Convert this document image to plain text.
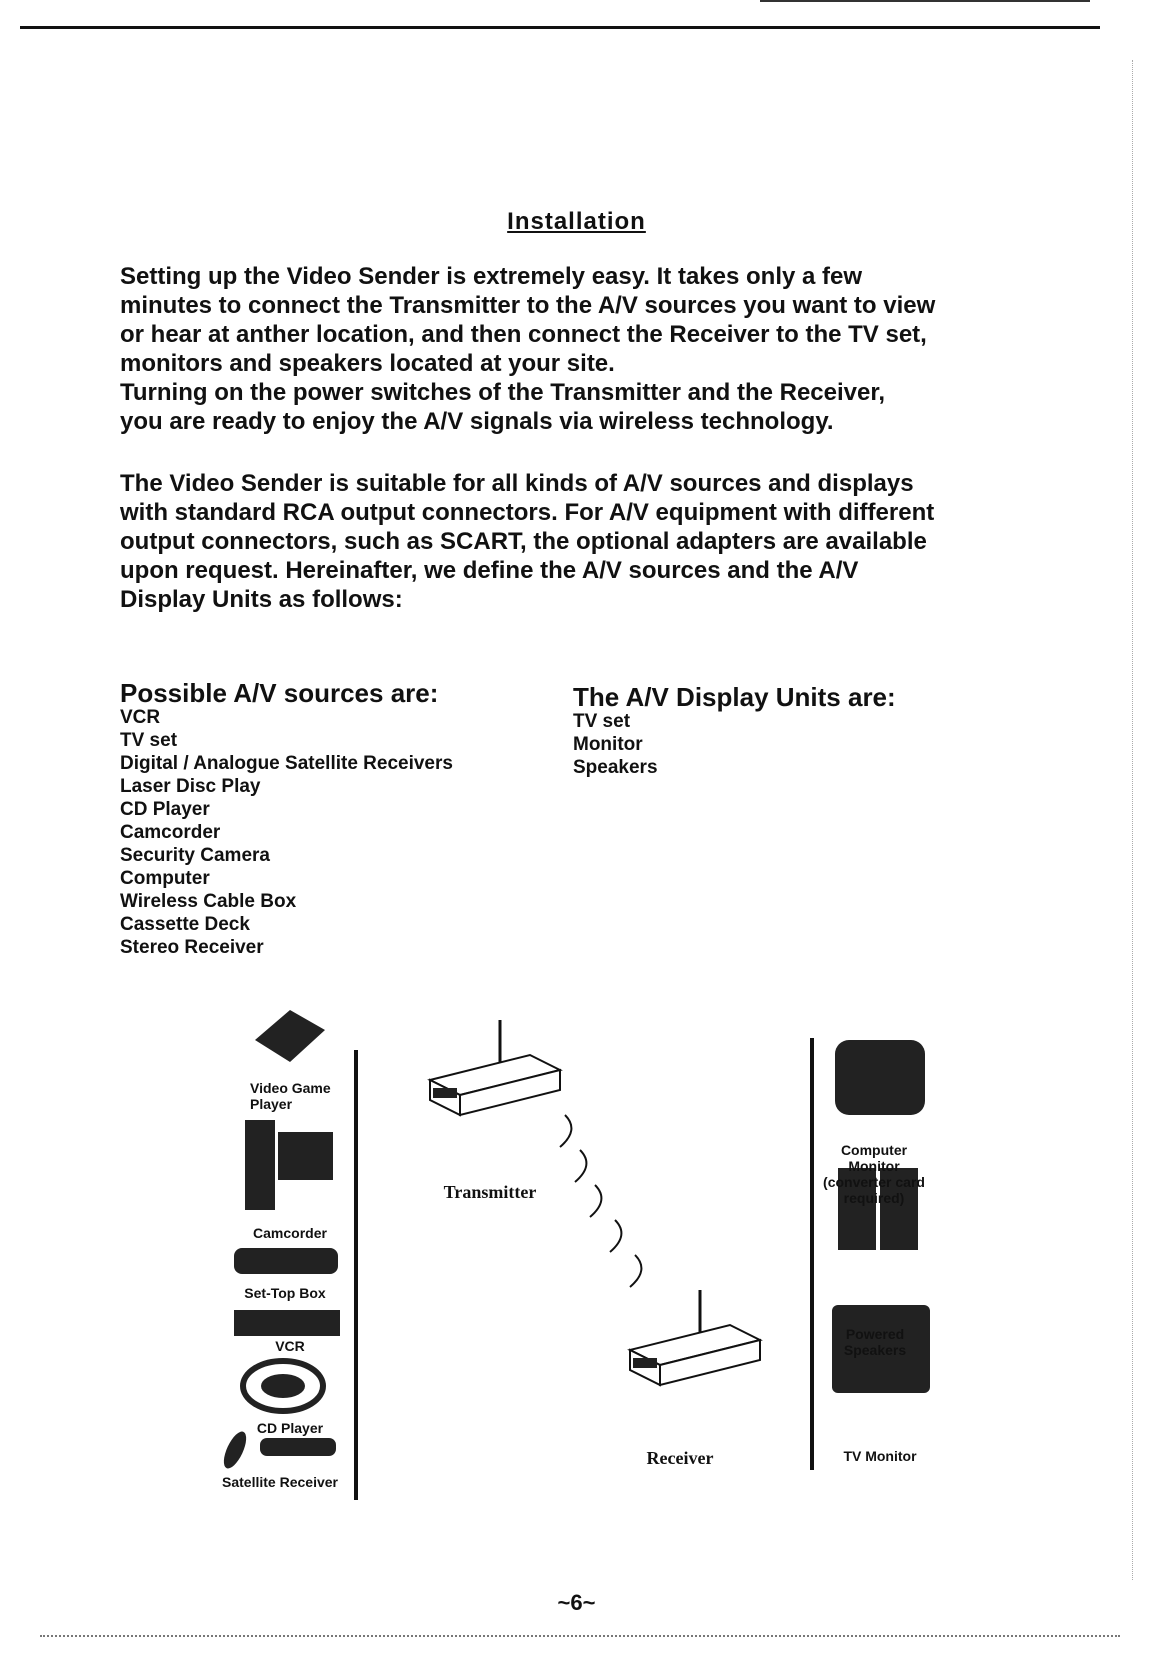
Installation

Setting up the Video Sender is extremely easy. It takes only a few

minutes to connect the Transmitter to the A/V sources you want to view

or hear at anther location, and then connect the Receiver to the TV set,

monitors and speakers located at your site.

Turning on the power switches of the Transmitter and the Receiver,

you are ready to enjoy the A/V signals via wireless technology.

The Video Sender is suitable for all kinds of A/V sources and displays

with standard RCA output connectors. For A/V equipment with different

output connectors, such as SCART, the optional adapters are available

upon request. Hereinafter, we define the A/V sources and the A/V

Display Units as follows:

Possible A/V sources are:
VCR
TV set
Digital / Analogue Satellite Receivers
Laser Disc Play
CD Player
Camcorder
Security Camera
Computer
Wireless Cable Box
Cassette Deck
Stereo Receiver
The A/V Display Units are:
TV set
Monitor
Speakers
Video Game Player
Camcorder
Set-Top Box
VCR
CD Player
Satellite Receiver
Transmitter
Receiver
Computer Monitor (converter card required)
Powered Speakers
TV Monitor
~6~
